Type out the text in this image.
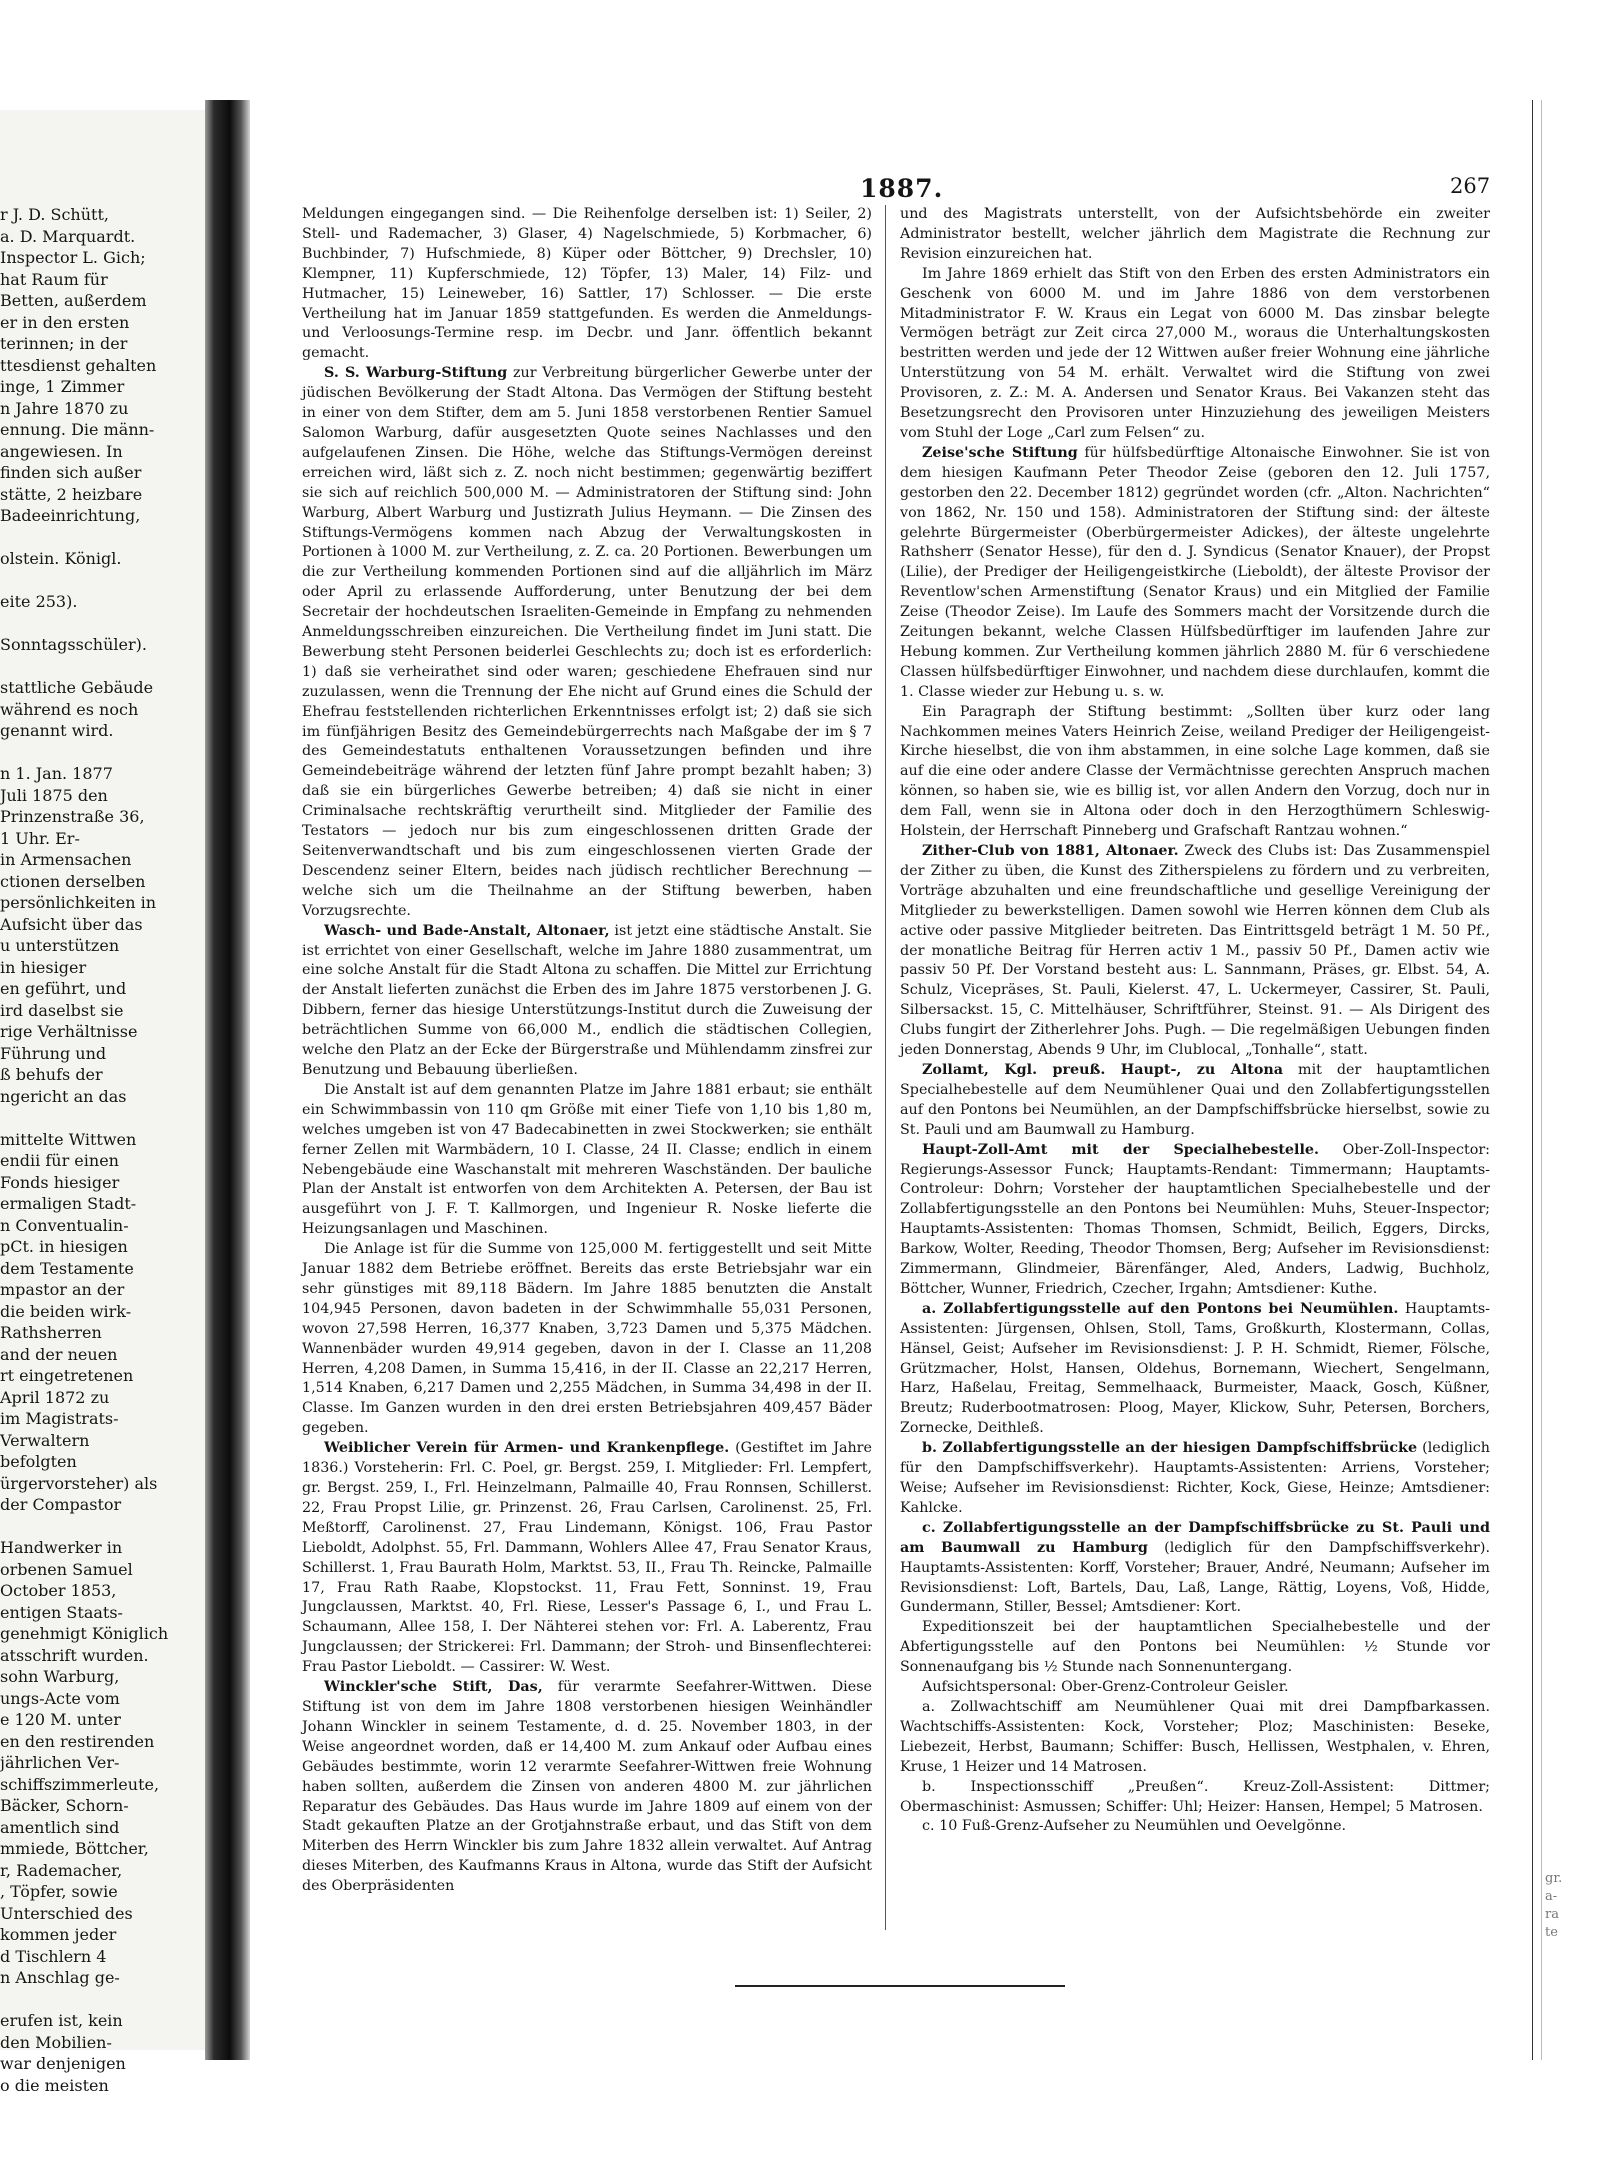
r J. D. Schütt,
a. D. Marquardt.
Inspector L. Gich;
hat Raum für
Betten, außerdem
er in den ersten
terinnen; in der
ttesdienst gehalten
inge, 1 Zimmer
n Jahre 1870 zu
ennung. Die männ-
angewiesen. In
finden sich außer
stätte, 2 heizbare
Badeeinrichtung,
olstein. Königl.
eite 253).
Sonntagsschüler).
stattliche Gebäude
während es noch
genannt wird.
n 1. Jan. 1877
Juli 1875 den
Prinzenstraße 36,
1 Uhr. Er-
in Armensachen
ctionen derselben
persönlichkeiten in
Aufsicht über das
u unterstützen
in hiesiger
en geführt, und
ird daselbst sie
rige Verhältnisse
Führung und
ß behufs der
ngericht an das
mittelte Wittwen
endii für einen
Fonds hiesiger
ermaligen Stadt-
n Conventualin-
pCt. in hiesigen
dem Testamente
mpastor an der
die beiden wirk-
Rathsherren
and der neuen
rt eingetretenen
April 1872 zu
im Magistrats-
Verwaltern
befolgten
ürgervorsteher) als
der Compastor
Handwerker in
orbenen Samuel
October 1853,
entigen Staats-
genehmigt Königlich
atsschrift wurden.
sohn Warburg,
ungs-Acte vom
e 120 M. unter
en den restirenden
jährlichen Ver-
schiffszimmerleute,
Bäcker, Schorn-
amentlich sind
mmiede, Böttcher,
r, Rademacher,
, Töpfer, sowie
Unterschied des
kommen jeder
d Tischlern 4
n Anschlag ge-
erufen ist, kein
den Mobilien-
war denjenigen
o die meisten
1887.	267

Meldungen eingegangen sind. — Die Reihenfolge derselben ist: 1) Seiler, 2) Stell- und Rademacher, 3) Glaser, 4) Nagelschmiede, 5) Korbmacher, 6) Buchbinder, 7) Hufschmiede, 8) Küper oder Böttcher, 9) Drechsler, 10) Klempner, 11) Kupferschmiede, 12) Töpfer, 13) Maler, 14) Filz- und Hutmacher, 15) Leineweber, 16) Sattler, 17) Schlosser. — Die erste Vertheilung hat im Januar 1859 stattgefunden. Es werden die Anmeldungs- und Verloosungs-Termine resp. im Decbr. und Janr. öffentlich bekannt gemacht.

S. S. Warburg-Stiftung zur Verbreitung bürgerlicher Gewerbe unter der jüdischen Bevölkerung der Stadt Altona. Das Vermögen der Stiftung besteht in einer von dem Stifter, dem am 5. Juni 1858 verstorbenen Rentier Samuel Salomon Warburg, dafür ausgesetzten Quote seines Nachlasses und den aufgelaufenen Zinsen. Die Höhe, welche das Stiftungs-Vermögen dereinst erreichen wird, läßt sich z. Z. noch nicht bestimmen; gegenwärtig beziffert sie sich auf reichlich 500,000 M. — Administratoren der Stiftung sind: John Warburg, Albert Warburg und Justizrath Julius Heymann. — Die Zinsen des Stiftungs-Vermögens kommen nach Abzug der Verwaltungskosten in Portionen à 1000 M. zur Vertheilung, z. Z. ca. 20 Portionen. Bewerbungen um die zur Vertheilung kommenden Portionen sind auf die alljährlich im März oder April zu erlassende Aufforderung, unter Benutzung der bei dem Secretair der hochdeutschen Israeliten-Gemeinde in Empfang zu nehmenden Anmeldungsschreiben einzureichen. Die Vertheilung findet im Juni statt. Die Bewerbung steht Personen beiderlei Geschlechts zu; doch ist es erforderlich: 1) daß sie verheirathet sind oder waren; geschiedene Ehefrauen sind nur zuzulassen, wenn die Trennung der Ehe nicht auf Grund eines die Schuld der Ehefrau feststellenden richterlichen Erkenntnisses erfolgt ist; 2) daß sie sich im fünfjährigen Besitz des Gemeindebürgerrechts nach Maßgabe der im § 7 des Gemeindestatuts enthaltenen Voraussetzungen befinden und ihre Gemeindebeiträge während der letzten fünf Jahre prompt bezahlt haben; 3) daß sie ein bürgerliches Gewerbe betreiben; 4) daß sie nicht in einer Criminalsache rechtskräftig verurtheilt sind. Mitglieder der Familie des Testators — jedoch nur bis zum eingeschlossenen dritten Grade der Seitenverwandtschaft und bis zum eingeschlossenen vierten Grade der Descendenz seiner Eltern, beides nach jüdisch rechtlicher Berechnung — welche sich um die Theilnahme an der Stiftung bewerben, haben Vorzugsrechte.

Wasch- und Bade-Anstalt, Altonaer, ist jetzt eine städtische Anstalt. Sie ist errichtet von einer Gesellschaft, welche im Jahre 1880 zusammentrat, um eine solche Anstalt für die Stadt Altona zu schaffen. Die Mittel zur Errichtung der Anstalt lieferten zunächst die Erben des im Jahre 1875 verstorbenen J. G. Dibbern, ferner das hiesige Unterstützungs-Institut durch die Zuweisung der beträchtlichen Summe von 66,000 M., endlich die städtischen Collegien, welche den Platz an der Ecke der Bürgerstraße und Mühlendamm zinsfrei zur Benutzung und Bebauung überließen.

Die Anstalt ist auf dem genannten Platze im Jahre 1881 erbaut; sie enthält ein Schwimmbassin von 110 qm Größe mit einer Tiefe von 1,10 bis 1,80 m, welches umgeben ist von 47 Badecabinetten in zwei Stockwerken; sie enthält ferner Zellen mit Warmbädern, 10 I. Classe, 24 II. Classe; endlich in einem Nebengebäude eine Waschanstalt mit mehreren Waschständen. Der bauliche Plan der Anstalt ist entworfen von dem Architekten A. Petersen, der Bau ist ausgeführt von J. F. T. Kallmorgen, und Ingenieur R. Noske lieferte die Heizungsanlagen und Maschinen.

Die Anlage ist für die Summe von 125,000 M. fertiggestellt und seit Mitte Januar 1882 dem Betriebe eröffnet. Bereits das erste Betriebsjahr war ein sehr günstiges mit 89,118 Bädern. Im Jahre 1885 benutzten die Anstalt 104,945 Personen, davon badeten in der Schwimmhalle 55,031 Personen, wovon 27,598 Herren, 16,377 Knaben, 3,723 Damen und 5,375 Mädchen. Wannenbäder wurden 49,914 gegeben, davon in der I. Classe an 11,208 Herren, 4,208 Damen, in Summa 15,416, in der II. Classe an 22,217 Herren, 1,514 Knaben, 6,217 Damen und 2,255 Mädchen, in Summa 34,498 in der II. Classe. Im Ganzen wurden in den drei ersten Betriebsjahren 409,457 Bäder gegeben.

Weiblicher Verein für Armen- und Krankenpflege. (Gestiftet im Jahre 1836.) Vorsteherin: Frl. C. Poel, gr. Bergst. 259, I. Mitglieder: Frl. Lempfert, gr. Bergst. 259, I., Frl. Heinzelmann, Palmaille 40, Frau Ronnsen, Schillerst. 22, Frau Propst Lilie, gr. Prinzenst. 26, Frau Carlsen, Carolinenst. 25, Frl. Meßtorff, Carolinenst. 27, Frau Lindemann, Königst. 106, Frau Pastor Lieboldt, Adolphst. 55, Frl. Dammann, Wohlers Allee 47, Frau Senator Kraus, Schillerst. 1, Frau Baurath Holm, Marktst. 53, II., Frau Th. Reincke, Palmaille 17, Frau Rath Raabe, Klopstockst. 11, Frau Fett, Sonninst. 19, Frau Jungclaussen, Marktst. 40, Frl. Riese, Lesser's Passage 6, I., und Frau L. Schaumann, Allee 158, I. Der Nähterei stehen vor: Frl. A. Laberentz, Frau Jungclaussen; der Strickerei: Frl. Dammann; der Stroh- und Binsenflechterei: Frau Pastor Lieboldt. — Cassirer: W. West.

Winckler'sche Stift, Das, für verarmte Seefahrer-Wittwen. Diese Stiftung ist von dem im Jahre 1808 verstorbenen hiesigen Weinhändler Johann Winckler in seinem Testamente, d. d. 25. November 1803, in der Weise angeordnet worden, daß er 14,400 M. zum Ankauf oder Aufbau eines Gebäudes bestimmte, worin 12 verarmte Seefahrer-Wittwen freie Wohnung haben sollten, außerdem die Zinsen von anderen 4800 M. zur jährlichen Reparatur des Gebäudes. Das Haus wurde im Jahre 1809 auf einem von der Stadt gekauften Platze an der Grotjahnstraße erbaut, und das Stift von dem Miterben des Herrn Winckler bis zum Jahre 1832 allein verwaltet. Auf Antrag dieses Miterben, des Kaufmanns Kraus in Altona, wurde das Stift der Aufsicht des Oberpräsidenten

und des Magistrats unterstellt, von der Aufsichtsbehörde ein zweiter Administrator bestellt, welcher jährlich dem Magistrate die Rechnung zur Revision einzureichen hat.

Im Jahre 1869 erhielt das Stift von den Erben des ersten Administrators ein Geschenk von 6000 M. und im Jahre 1886 von dem verstorbenen Mitadministrator F. W. Kraus ein Legat von 6000 M. Das zinsbar belegte Vermögen beträgt zur Zeit circa 27,000 M., woraus die Unterhaltungskosten bestritten werden und jede der 12 Wittwen außer freier Wohnung eine jährliche Unterstützung von 54 M. erhält. Verwaltet wird die Stiftung von zwei Provisoren, z. Z.: M. A. Andersen und Senator Kraus. Bei Vakanzen steht das Besetzungsrecht den Provisoren unter Hinzuziehung des jeweiligen Meisters vom Stuhl der Loge „Carl zum Felsen“ zu.

Zeise'sche Stiftung für hülfsbedürftige Altonaische Einwohner. Sie ist von dem hiesigen Kaufmann Peter Theodor Zeise (geboren den 12. Juli 1757, gestorben den 22. December 1812) gegründet worden (cfr. „Alton. Nachrichten“ von 1862, Nr. 150 und 158). Administratoren der Stiftung sind: der älteste gelehrte Bürgermeister (Oberbürgermeister Adickes), der älteste ungelehrte Rathsherr (Senator Hesse), für den d. J. Syndicus (Senator Knauer), der Propst (Lilie), der Prediger der Heiligengeistkirche (Lieboldt), der älteste Provisor der Reventlow'schen Armenstiftung (Senator Kraus) und ein Mitglied der Familie Zeise (Theodor Zeise). Im Laufe des Sommers macht der Vorsitzende durch die Zeitungen bekannt, welche Classen Hülfsbedürftiger im laufenden Jahre zur Hebung kommen. Zur Vertheilung kommen jährlich 2880 M. für 6 verschiedene Classen hülfsbedürftiger Einwohner, und nachdem diese durchlaufen, kommt die 1. Classe wieder zur Hebung u. s. w.

Ein Paragraph der Stiftung bestimmt: „Sollten über kurz oder lang Nachkommen meines Vaters Heinrich Zeise, weiland Prediger der Heiligengeist-Kirche hieselbst, die von ihm abstammen, in eine solche Lage kommen, daß sie auf die eine oder andere Classe der Vermächtnisse gerechten Anspruch machen können, so haben sie, wie es billig ist, vor allen Andern den Vorzug, doch nur in dem Fall, wenn sie in Altona oder doch in den Herzogthümern Schleswig-Holstein, der Herrschaft Pinneberg und Grafschaft Rantzau wohnen.“

Zither-Club von 1881, Altonaer. Zweck des Clubs ist: Das Zusammenspiel der Zither zu üben, die Kunst des Zitherspielens zu fördern und zu verbreiten, Vorträge abzuhalten und eine freundschaftliche und gesellige Vereinigung der Mitglieder zu bewerkstelligen. Damen sowohl wie Herren können dem Club als active oder passive Mitglieder beitreten. Das Eintrittsgeld beträgt 1 M. 50 Pf., der monatliche Beitrag für Herren activ 1 M., passiv 50 Pf., Damen activ wie passiv 50 Pf. Der Vorstand besteht aus: L. Sannmann, Präses, gr. Elbst. 54, A. Schulz, Vicepräses, St. Pauli, Kielerst. 47, L. Uckermeyer, Cassirer, St. Pauli, Silbersackst. 15, C. Mittelhäuser, Schriftführer, Steinst. 91. — Als Dirigent des Clubs fungirt der Zitherlehrer Johs. Pugh. — Die regelmäßigen Uebungen finden jeden Donnerstag, Abends 9 Uhr, im Clublocal, „Tonhalle“, statt.

Zollamt, Kgl. preuß. Haupt-, zu Altona mit der hauptamtlichen Specialhebestelle auf dem Neumühlener Quai und den Zollabfertigungsstellen auf den Pontons bei Neumühlen, an der Dampfschiffsbrücke hierselbst, sowie zu St. Pauli und am Baumwall zu Hamburg.

Haupt-Zoll-Amt mit der Specialhebestelle. Ober-Zoll-Inspector: Regierungs-Assessor Funck; Hauptamts-Rendant: Timmermann; Hauptamts-Controleur: Dohrn; Vorsteher der hauptamtlichen Specialhebestelle und der Zollabfertigungsstelle an den Pontons bei Neumühlen: Muhs, Steuer-Inspector; Hauptamts-Assistenten: Thomas Thomsen, Schmidt, Beilich, Eggers, Dircks, Barkow, Wolter, Reeding, Theodor Thomsen, Berg; Aufseher im Revisionsdienst: Zimmermann, Glindmeier, Bärenfänger, Aled, Anders, Ladwig, Buchholz, Böttcher, Wunner, Friedrich, Czecher, Irgahn; Amtsdiener: Kuthe.

a. Zollabfertigungsstelle auf den Pontons bei Neumühlen. Hauptamts-Assistenten: Jürgensen, Ohlsen, Stoll, Tams, Großkurth, Klostermann, Collas, Hänsel, Geist; Aufseher im Revisionsdienst: J. P. H. Schmidt, Riemer, Fölsche, Grützmacher, Holst, Hansen, Oldehus, Bornemann, Wiechert, Sengelmann, Harz, Haßelau, Freitag, Semmelhaack, Burmeister, Maack, Gosch, Küßner, Breutz; Ruderbootmatrosen: Ploog, Mayer, Klickow, Suhr, Petersen, Borchers, Zornecke, Deithleß.

b. Zollabfertigungsstelle an der hiesigen Dampfschiffsbrücke (lediglich für den Dampfschiffsverkehr). Hauptamts-Assistenten: Arriens, Vorsteher; Weise; Aufseher im Revisionsdienst: Richter, Kock, Giese, Heinze; Amtsdiener: Kahlcke.

c. Zollabfertigungsstelle an der Dampfschiffsbrücke zu St. Pauli und am Baumwall zu Hamburg (lediglich für den Dampfschiffsverkehr). Hauptamts-Assistenten: Korff, Vorsteher; Brauer, André, Neumann; Aufseher im Revisionsdienst: Loft, Bartels, Dau, Laß, Lange, Rättig, Loyens, Voß, Hidde, Gundermann, Stiller, Bessel; Amtsdiener: Kort.

Expeditionszeit bei der hauptamtlichen Specialhebestelle und der Abfertigungsstelle auf den Pontons bei Neumühlen: ½ Stunde vor Sonnenaufgang bis ½ Stunde nach Sonnenuntergang.

Aufsichtspersonal: Ober-Grenz-Controleur Geisler.

a. Zollwachtschiff am Neumühlener Quai mit drei Dampfbarkassen. Wachtschiffs-Assistenten: Kock, Vorsteher; Ploz; Maschinisten: Beseke, Liebezeit, Herbst, Baumann; Schiffer: Busch, Hellissen, Westphalen, v. Ehren, Kruse, 1 Heizer und 14 Matrosen.

b. Inspectionsschiff „Preußen“. Kreuz-Zoll-Assistent: Dittmer; Obermaschinist: Asmussen; Schiffer: Uhl; Heizer: Hansen, Hempel; 5 Matrosen.

c. 10 Fuß-Grenz-Aufseher zu Neumühlen und Oevelgönne.

gr.
a-
ra
te
